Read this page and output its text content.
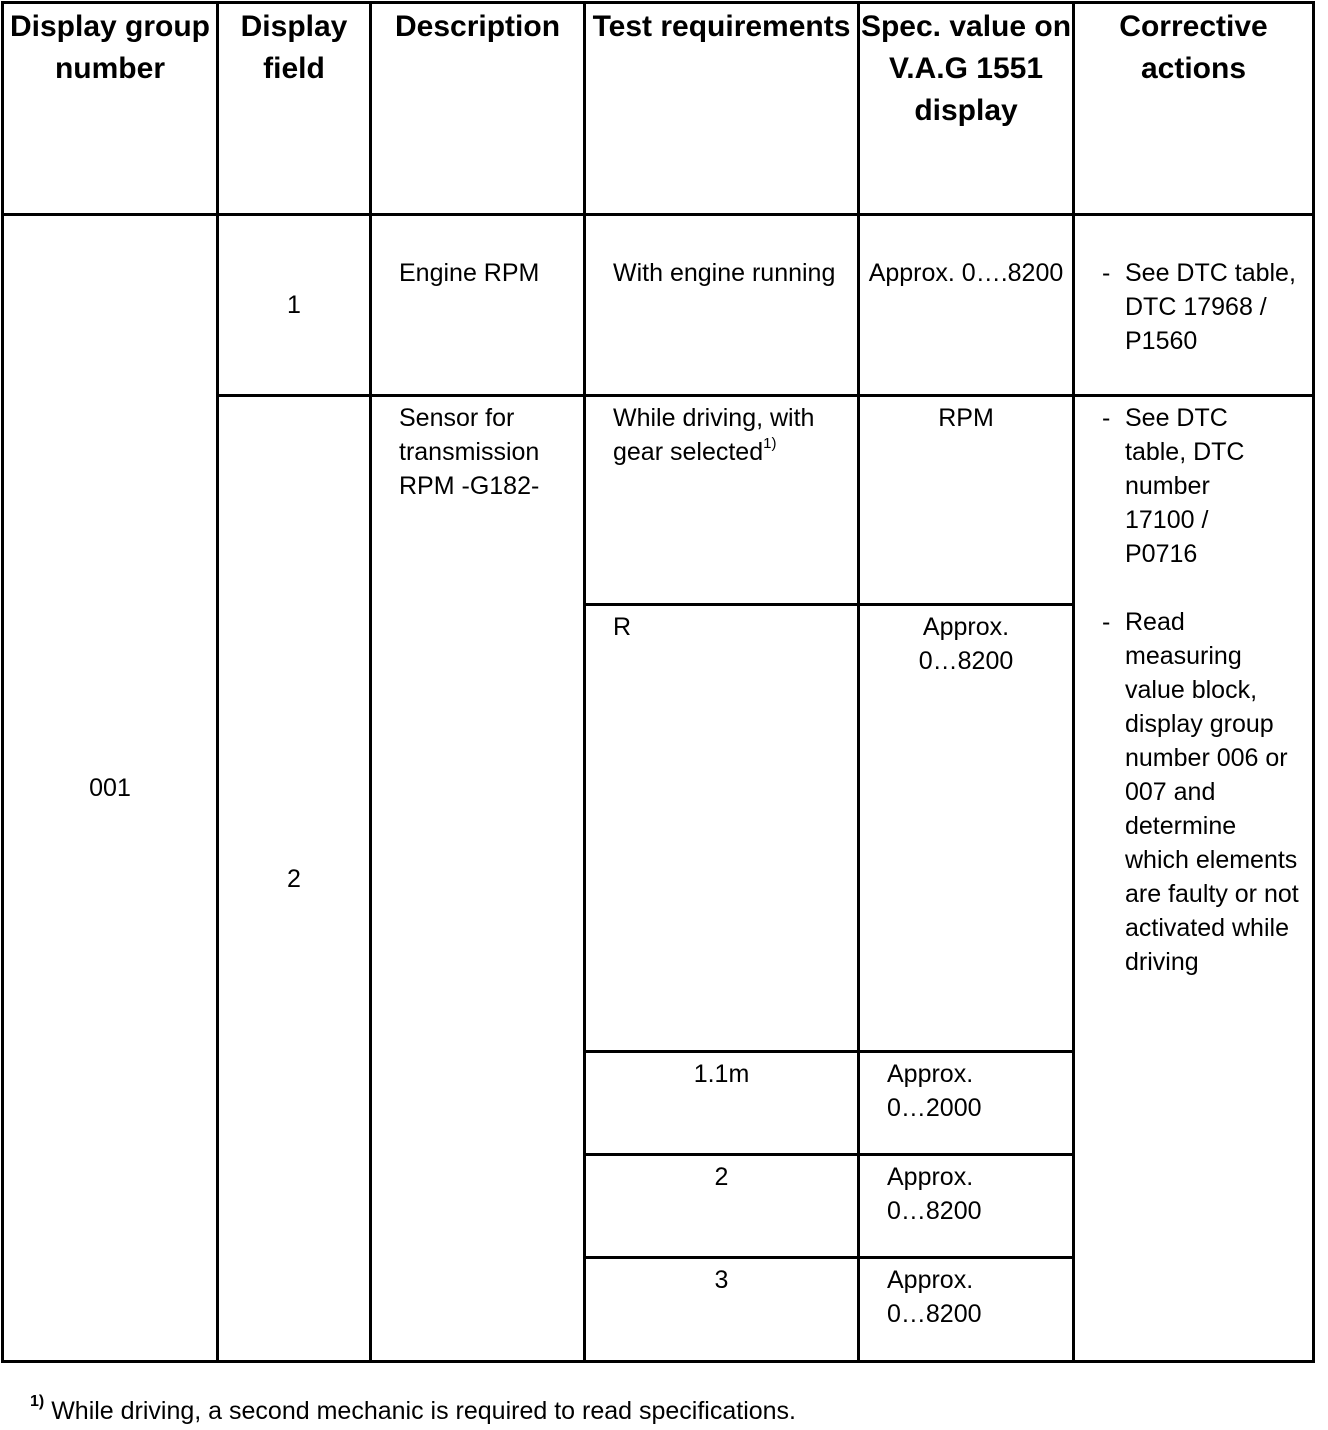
Display group number	Display field	Description	Test requirements	Spec. value on V.A.G 1551 display	Corrective actions
001	1	Engine RPM	With engine running	Approx. 0….8200	- See DTC table, DTC 17968 / P1560

	2	Sensor for transmission RPM -G182-	While driving, with gear selected$^{1)}$	RPM	- See DTC table, DTC number 17100 / P0716
- Read measuring value block, display group number 006 or 007 and determine which elements are faulty or not activated while driving

			R	Approx. 0…8200	

			1.1m	Approx. 0…2000	

			2	Approx. 0…8200	

			3	Approx. 0…8200	
$^{1)}$ While driving, a second mechanic is required to read specifications.
